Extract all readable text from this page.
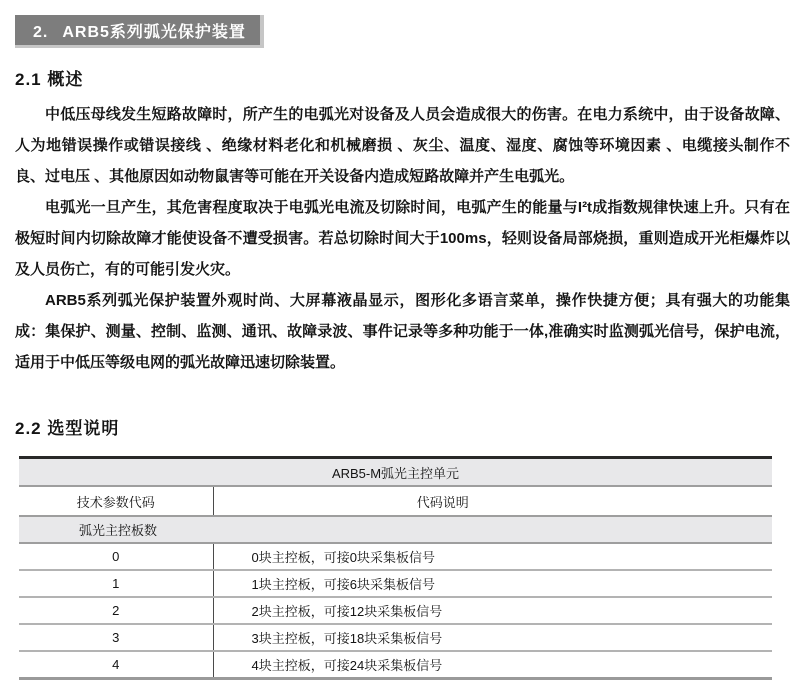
2. ARB5系列弧光保护装置
2.1 概述

中低压母线发生短路故障时，所产生的电弧光对设备及人员会造成很大的伤害。在电力系统中，由于设备故障、人为地错误操作或错误接线 、绝缘材料老化和机械磨损 、灰尘、温度、湿度、腐蚀等环境因素 、电缆接头制作不良、过电压 、其他原因如动物鼠害等可能在开关设备内造成短路故障并产生电弧光。

电弧光一旦产生，其危害程度取决于电弧光电流及切除时间，电弧产生的能量与I²t成指数规律快速上升。只有在极短时间内切除故障才能使设备不遭受损害。若总切除时间大于100ms，轻则设备局部烧损，重则造成开光柜爆炸以及人员伤亡，有的可能引发火灾。

ARB5系列弧光保护装置外观时尚、大屏幕液晶显示，图形化多语言菜单，操作快捷方便；具有强大的功能集成：集保护、测量、控制、监测、通讯、故障录波、事件记录等多种功能于一体,准确实时监测弧光信号，保护电流，适用于中低压等级电网的弧光故障迅速切除装置。

2.2 选型说明
ARB5-M弧光主控单元	
技术参数代码	代码说明
弧光主控板数	
0	0块主控板，可接0块采集板信号
1	1块主控板，可接6块采集板信号
2	2块主控板，可接12块采集板信号
3	3块主控板，可接18块采集板信号
4	4块主控板，可接24块采集板信号
